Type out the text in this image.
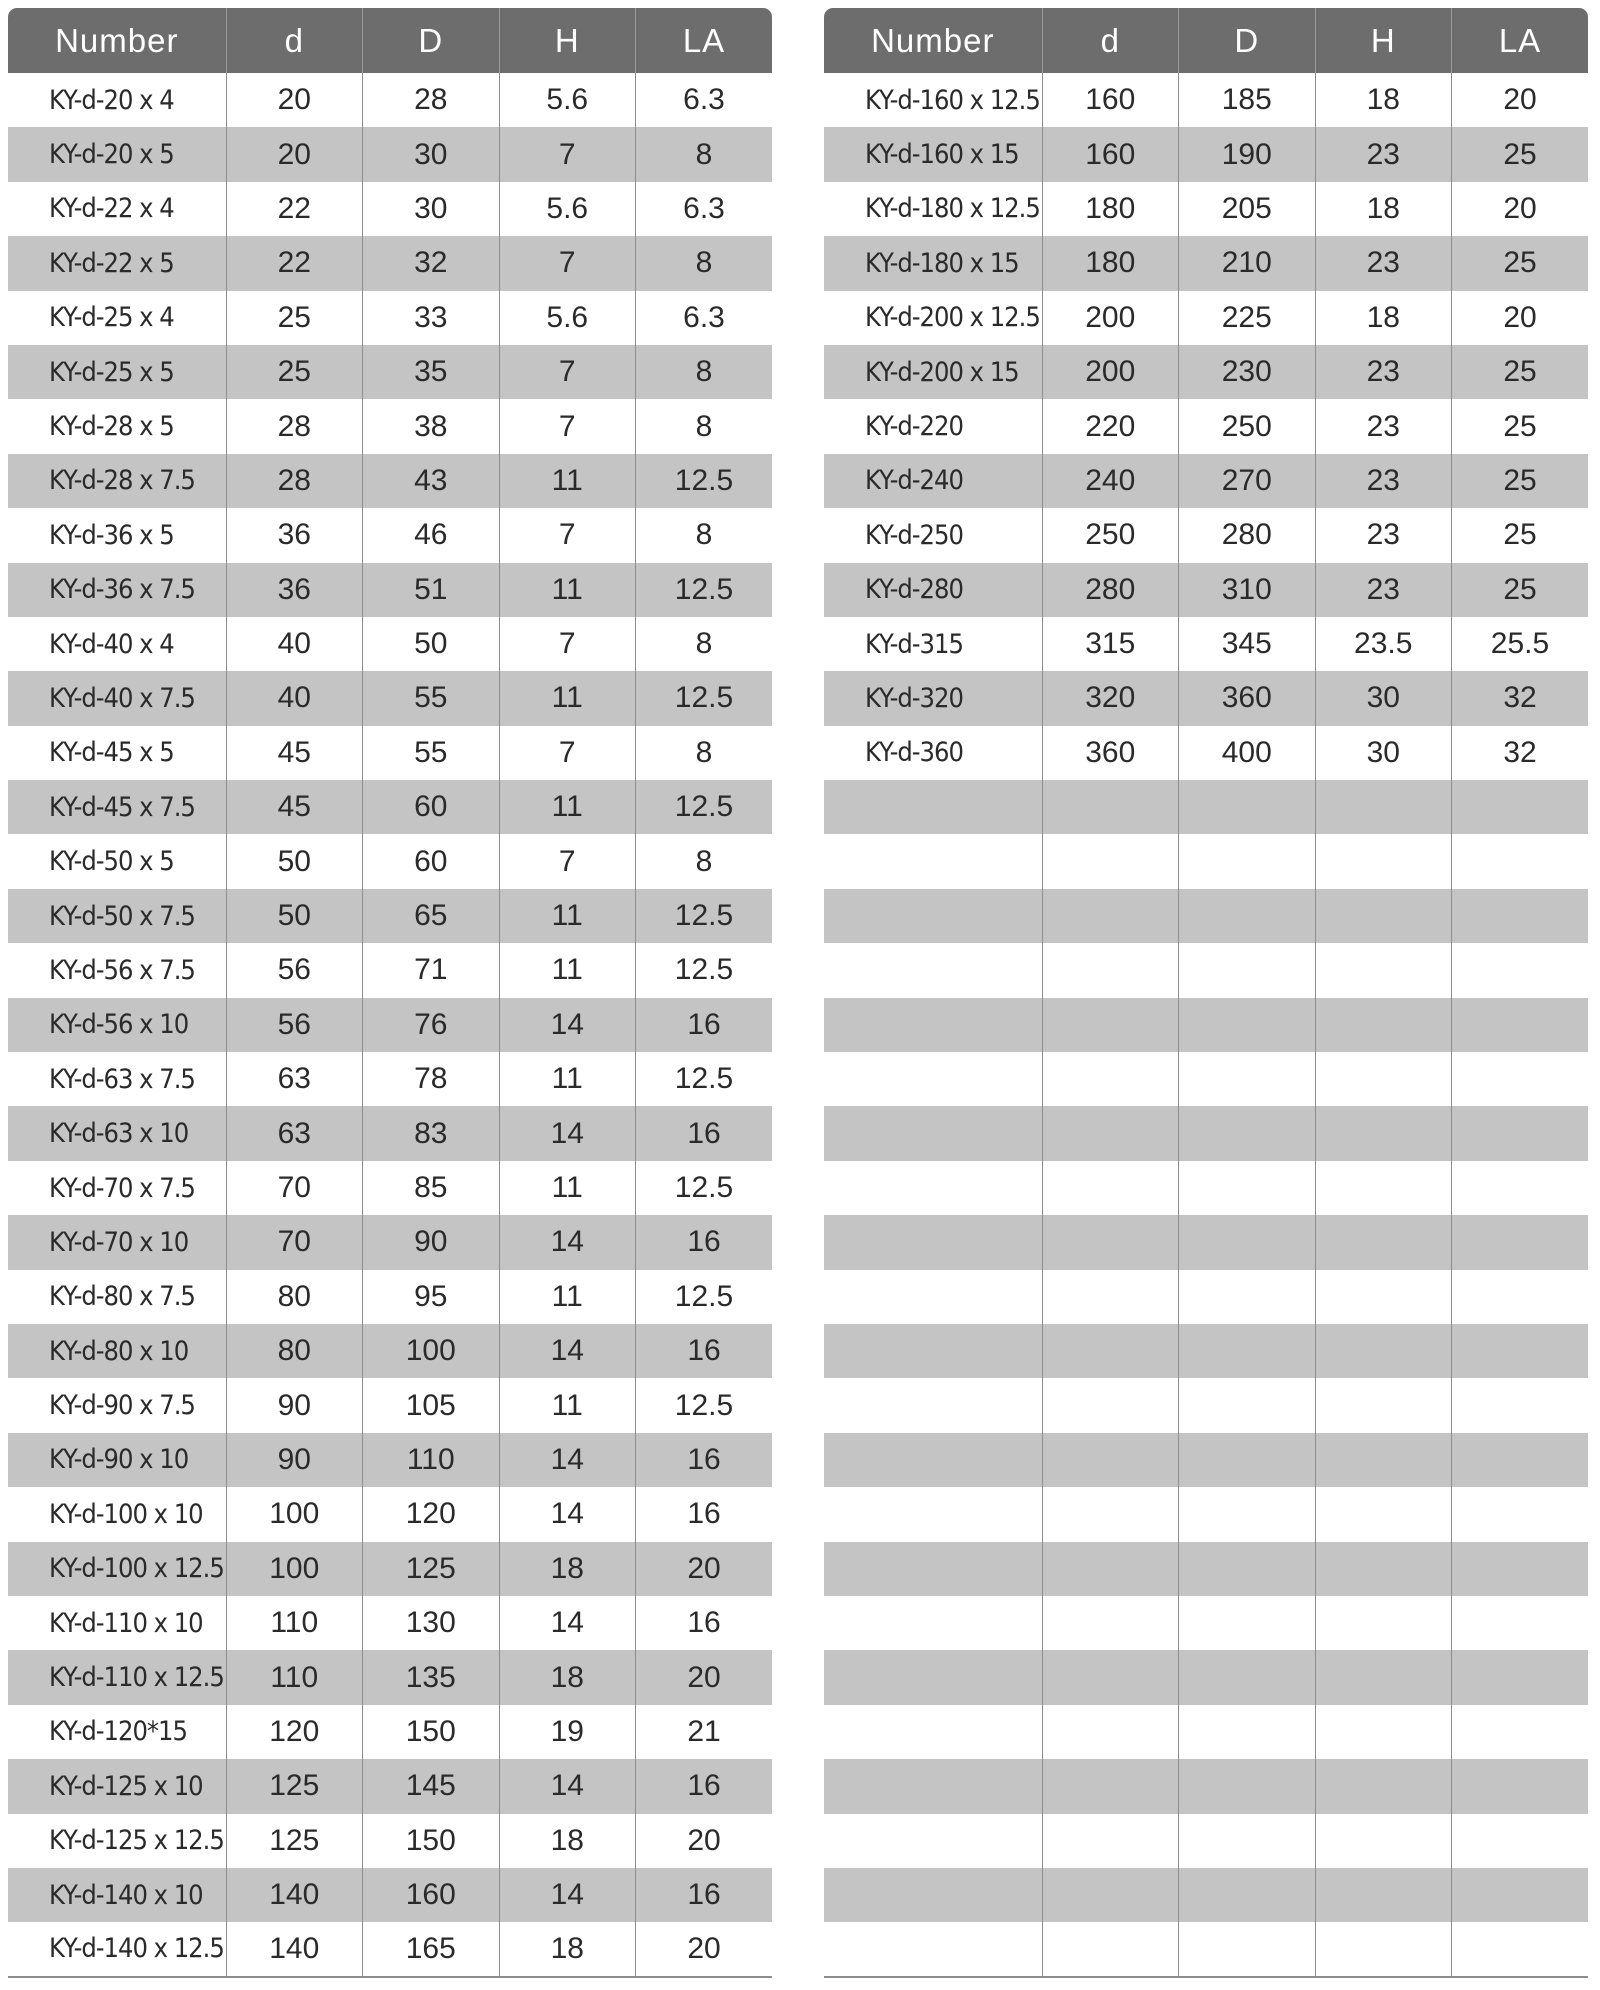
Number	d	D	H	LA
KY-d-20 x 4	20	28	5.6	6.3
KY-d-20 x 5	20	30	7	8
KY-d-22 x 4	22	30	5.6	6.3
KY-d-22 x 5	22	32	7	8
KY-d-25 x 4	25	33	5.6	6.3
KY-d-25 x 5	25	35	7	8
KY-d-28 x 5	28	38	7	8
KY-d-28 x 7.5	28	43	11	12.5
KY-d-36 x 5	36	46	7	8
KY-d-36 x 7.5	36	51	11	12.5
KY-d-40 x 4	40	50	7	8
KY-d-40 x 7.5	40	55	11	12.5
KY-d-45 x 5	45	55	7	8
KY-d-45 x 7.5	45	60	11	12.5
KY-d-50 x 5	50	60	7	8
KY-d-50 x 7.5	50	65	11	12.5
KY-d-56 x 7.5	56	71	11	12.5
KY-d-56 x 10	56	76	14	16
KY-d-63 x 7.5	63	78	11	12.5
KY-d-63 x 10	63	83	14	16
KY-d-70 x 7.5	70	85	11	12.5
KY-d-70 x 10	70	90	14	16
KY-d-80 x 7.5	80	95	11	12.5
KY-d-80 x 10	80	100	14	16
KY-d-90 x 7.5	90	105	11	12.5
KY-d-90 x 10	90	110	14	16
KY-d-100 x 10	100	120	14	16
KY-d-100 x 12.5	100	125	18	20
KY-d-110 x 10	110	130	14	16
KY-d-110 x 12.5	110	135	18	20
KY-d-120*15	120	150	19	21
KY-d-125 x 10	125	145	14	16
KY-d-125 x 12.5	125	150	18	20
KY-d-140 x 10	140	160	14	16
KY-d-140 x 12.5	140	165	18	20
Number	d	D	H	LA
KY-d-160 x 12.5	160	185	18	20
KY-d-160 x 15	160	190	23	25
KY-d-180 x 12.5	180	205	18	20
KY-d-180 x 15	180	210	23	25
KY-d-200 x 12.5	200	225	18	20
KY-d-200 x 15	200	230	23	25
KY-d-220	220	250	23	25
KY-d-240	240	270	23	25
KY-d-250	250	280	23	25
KY-d-280	280	310	23	25
KY-d-315	315	345	23.5	25.5
KY-d-320	320	360	30	32
KY-d-360	360	400	30	32
